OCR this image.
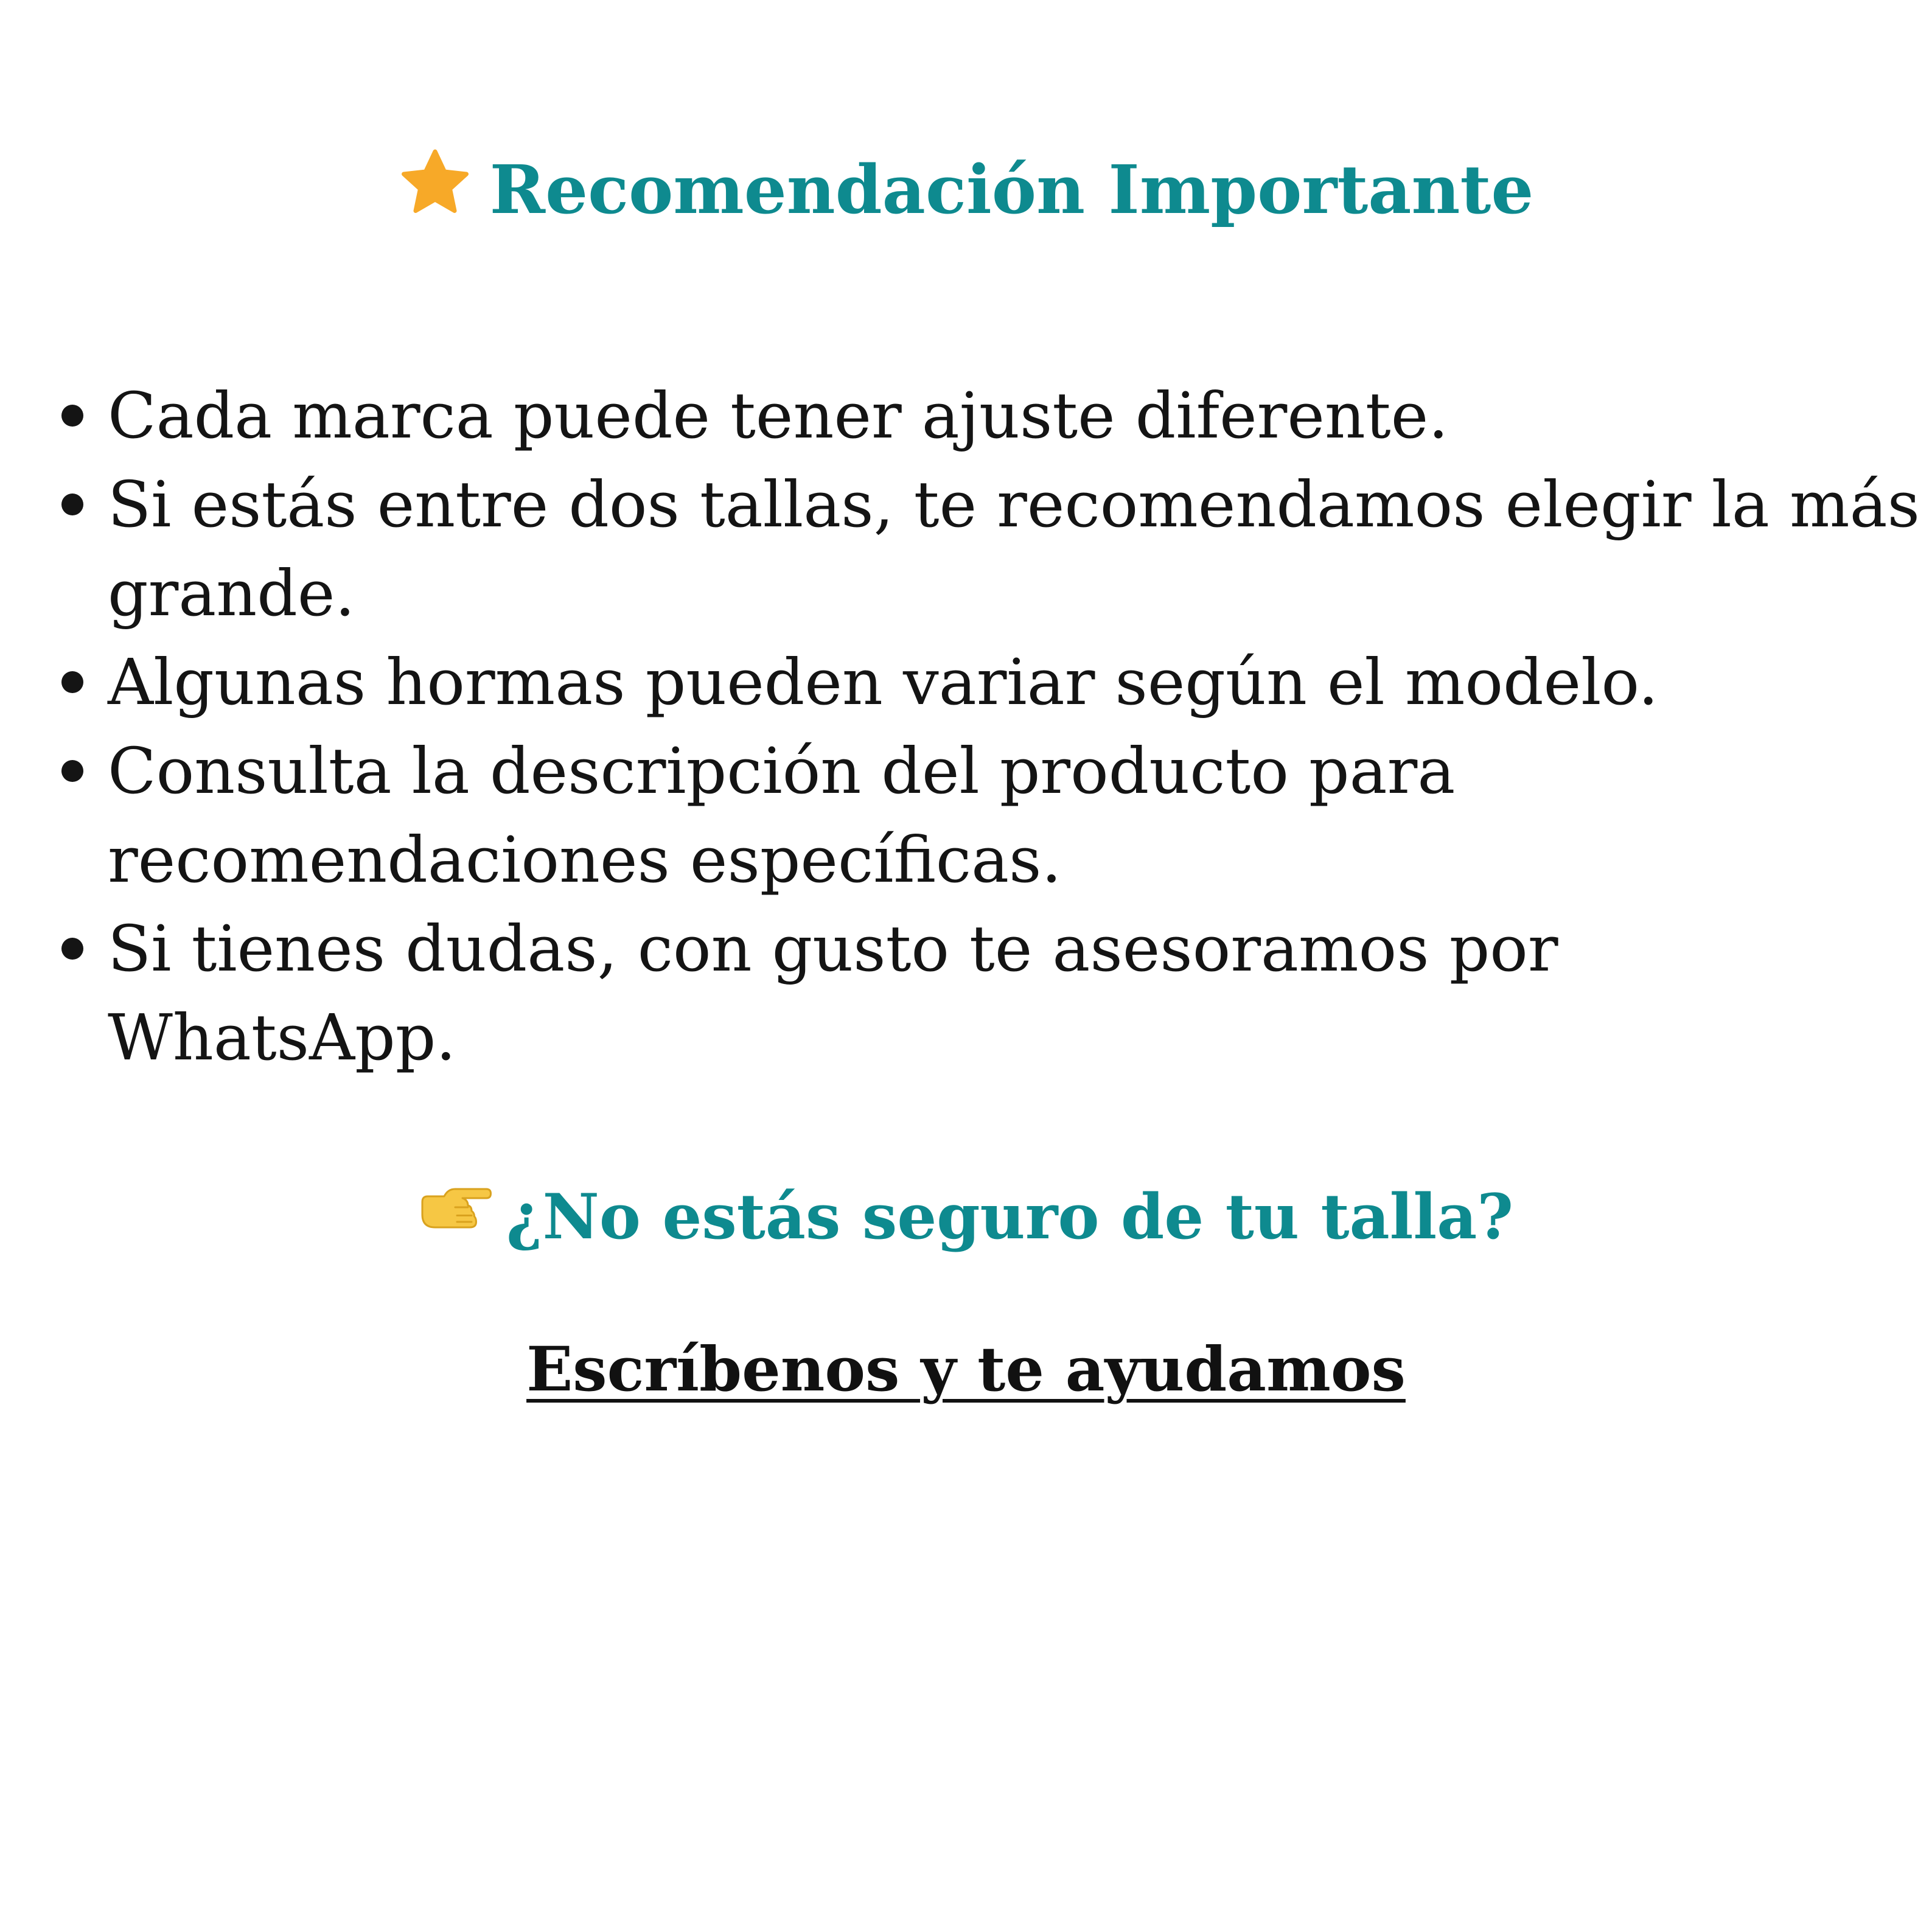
Recomendación Importante
Cada marca puede tener ajuste diferente.
Si estás entre dos tallas, te recomendamos elegir la más grande.
Algunas hormas pueden variar según el modelo.
Consulta la descripción del producto para recomendaciones específicas.
Si tienes dudas, con gusto te asesoramos por WhatsApp.
¿No estás seguro de tu talla?
Escríbenos y te ayudamos
